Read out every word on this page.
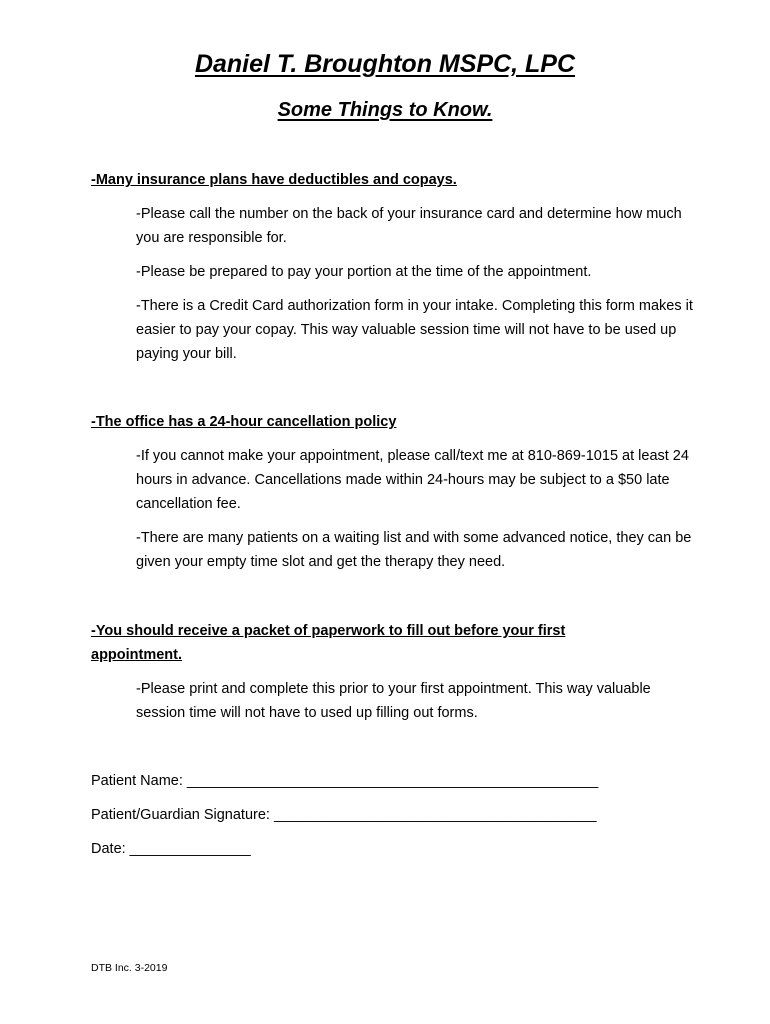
Daniel T. Broughton MSPC, LPC
Some Things to Know.
-Many insurance plans have deductibles and copays.
-Please call the number on the back of your insurance card and determine how much you are responsible for.
-Please be prepared to pay your portion at the time of the appointment.
-There is a Credit Card authorization form in your intake. Completing this form makes it easier to pay your copay. This way valuable session time will not have to be used up paying your bill.
-The office has a 24-hour cancellation policy
-If you cannot make your appointment, please call/text me at 810-869-1015 at least 24 hours in advance. Cancellations made within 24-hours may be subject to a $50 late cancellation fee.
-There are many patients on a waiting list and with some advanced notice, they can be given your empty time slot and get the therapy they need.
-You should receive a packet of paperwork to fill out before your first appointment.
-Please print and complete this prior to your first appointment. This way valuable session time will not have to used up filling out forms.
Patient Name: ___________________________________________________
Patient/Guardian Signature: ________________________________________
Date: _______________
DTB Inc. 3-2019
